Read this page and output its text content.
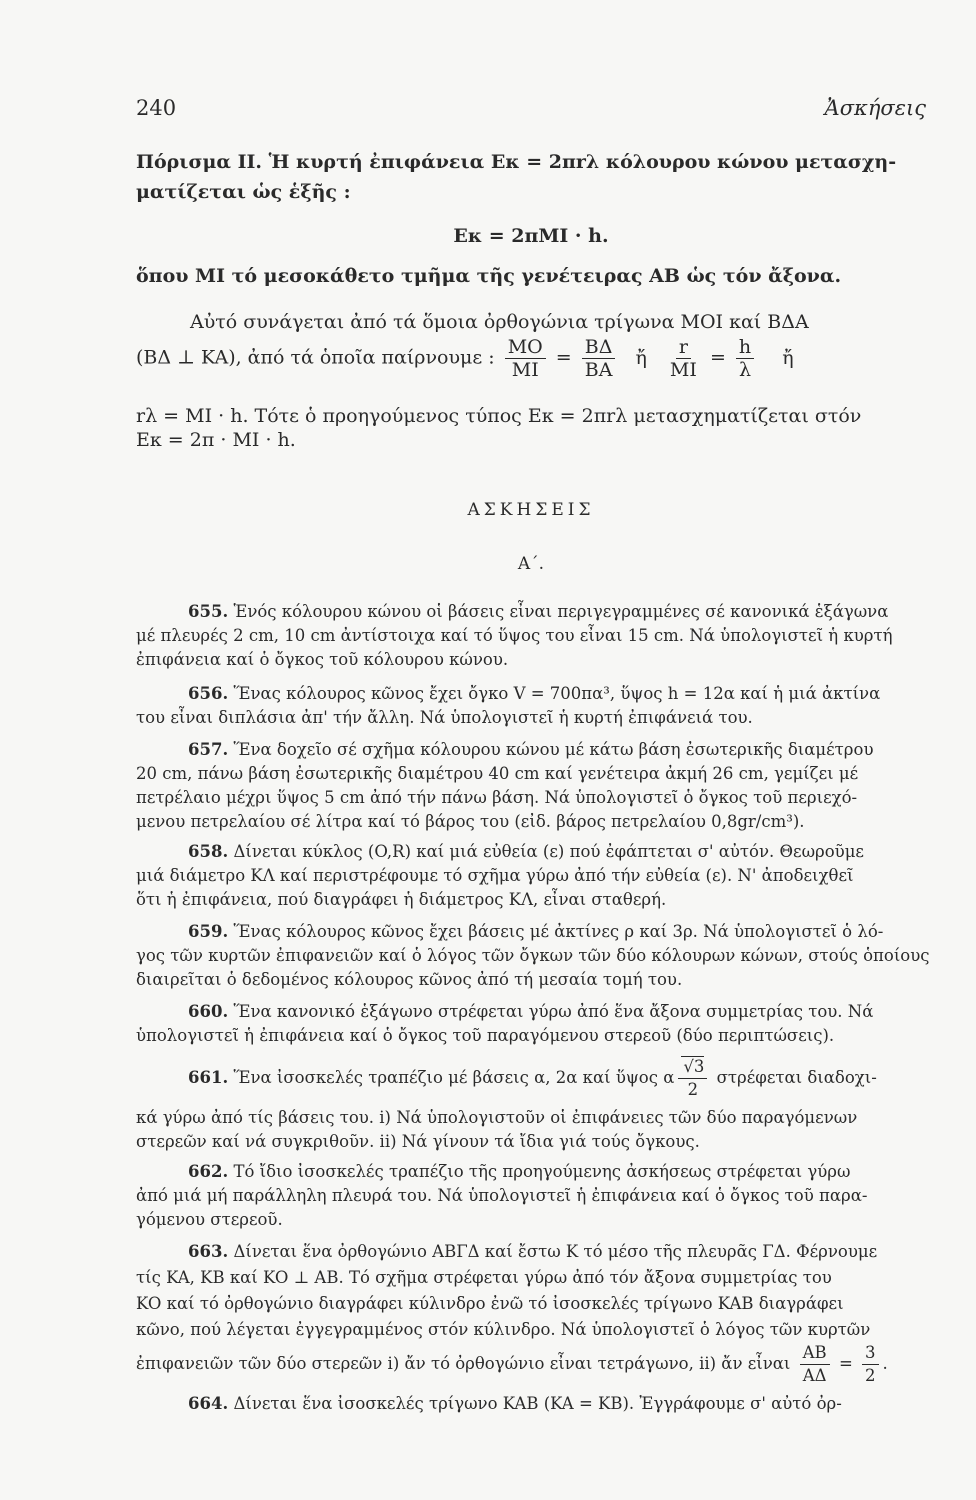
240	Ἀσκήσεις
Πόρισμα ΙΙ. Ἡ κυρτή ἐπιφάνεια Eκ = 2πrλ κόλουρου κώνου μετασχη-
ματίζεται ὡς ἑξῆς :
Eκ = 2πMI · h.
ὅπου MI τό μεσοκάθετο τμῆμα τῆς γενέτειρας AB ὡς τόν ἄξονα.
Αὐτό συνάγεται ἀπό τά ὅμοια ὀρθογώνια τρίγωνα MOI καί BΔA
(BΔ ⊥ KA), ἀπό τά ὁποῖα παίρνουμε : $\frac{MO}{MI} = \frac{B\Delta}{BA}$ ἤ $\frac{r}{MI} = \frac{h}{\lambda}$ ἤ
rλ = MI · h. Τότε ὁ προηγούμενος τύπος Eκ = 2πrλ μετασχηματίζεται στόν
Eκ = 2π · MI · h.
ΑΣΚΗΣΕΙΣ
Α΄.
655. Ἑνός κόλουρου κώνου οἱ βάσεις εἶναι περιγεγραμμένες σέ κανονικά ἑξάγωνα
μέ πλευρές 2 cm, 10 cm ἀντίστοιχα καί τό ὕψος του εἶναι 15 cm. Νά ὑπολογιστεῖ ἡ κυρτή
ἐπιφάνεια καί ὁ ὄγκος τοῦ κόλουρου κώνου.
656. Ἕνας κόλουρος κῶνος ἔχει ὄγκο V = 700πα³, ὕψος h = 12α καί ἡ μιά ἀκτίνα
του εἶναι διπλάσια ἀπ' τήν ἄλλη. Νά ὑπολογιστεῖ ἡ κυρτή ἐπιφάνειά του.
657. Ἕνα δοχεῖο σέ σχῆμα κόλουρου κώνου μέ κάτω βάση ἐσωτερικῆς διαμέτρου
20 cm, πάνω βάση ἐσωτερικῆς διαμέτρου 40 cm καί γενέτειρα ἀκμή 26 cm, γεμίζει μέ
πετρέλαιο μέχρι ὕψος 5 cm ἀπό τήν πάνω βάση. Νά ὑπολογιστεῖ ὁ ὄγκος τοῦ περιεχό-
μενου πετρελαίου σέ λίτρα καί τό βάρος του (εἰδ. βάρος πετρελαίου 0,8gr/cm³).
658. Δίνεται κύκλος (O,R) καί μιά εὐθεία (ε) πού ἐφάπτεται σ' αὐτόν. Θεωροῦμε
μιά διάμετρο KΛ καί περιστρέφουμε τό σχῆμα γύρω ἀπό τήν εὐθεία (ε). Ν' ἀποδειχθεῖ
ὅτι ἡ ἐπιφάνεια, πού διαγράφει ἡ διάμετρος KΛ, εἶναι σταθερή.
659. Ἕνας κόλουρος κῶνος ἔχει βάσεις μέ ἀκτίνες ρ καί 3ρ. Νά ὑπολογιστεῖ ὁ λό-
γος τῶν κυρτῶν ἐπιφανειῶν καί ὁ λόγος τῶν ὄγκων τῶν δύο κόλουρων κώνων, στούς ὁποίους
διαιρεῖται ὁ δεδομένος κόλουρος κῶνος ἀπό τή μεσαία τομή του.
660. Ἕνα κανονικό ἑξάγωνο στρέφεται γύρω ἀπό ἕνα ἄξονα συμμετρίας του. Νά
ὑπολογιστεῖ ἡ ἐπιφάνεια καί ὁ ὄγκος τοῦ παραγόμενου στερεοῦ (δύο περιπτώσεις).
661. Ἕνα ἰσοσκελές τραπέζιο μέ βάσεις α, 2α καί ὕψος α $\frac{√3}{2}$ στρέφεται διαδοχι-
κά γύρω ἀπό τίς βάσεις του. i) Νά ὑπολογιστοῦν οἱ ἐπιφάνειες τῶν δύο παραγόμενων
στερεῶν καί νά συγκριθοῦν. ii) Νά γίνουν τά ἴδια γιά τούς ὄγκους.
662. Τό ἴδιο ἰσοσκελές τραπέζιο τῆς προηγούμενης ἀσκήσεως στρέφεται γύρω
ἀπό μιά μή παράλληλη πλευρά του. Νά ὑπολογιστεῖ ἡ ἐπιφάνεια καί ὁ ὄγκος τοῦ παρα-
γόμενου στερεοῦ.
663. Δίνεται ἕνα ὀρθογώνιο ABΓΔ καί ἔστω K τό μέσο τῆς πλευρᾶς ΓΔ. Φέρνουμε
τίς KA, KB καί KO ⊥ AB. Τό σχῆμα στρέφεται γύρω ἀπό τόν ἄξονα συμμετρίας του
KO καί τό ὀρθογώνιο διαγράφει κύλινδρο ἐνῶ τό ἰσοσκελές τρίγωνο KAB διαγράφει
κῶνο, πού λέγεται ἐγγεγραμμένος στόν κύλινδρο. Νά ὑπολογιστεῖ ὁ λόγος τῶν κυρτῶν
ἐπιφανειῶν τῶν δύο στερεῶν i) ἄν τό ὀρθογώνιο εἶναι τετράγωνο, ii) ἄν εἶναι $\frac{AB}{A\Delta} = \frac{3}{2}$ .
664. Δίνεται ἕνα ἰσοσκελές τρίγωνο KAB (KA = KB). Ἐγγράφουμε σ' αὐτό ὀρ-
